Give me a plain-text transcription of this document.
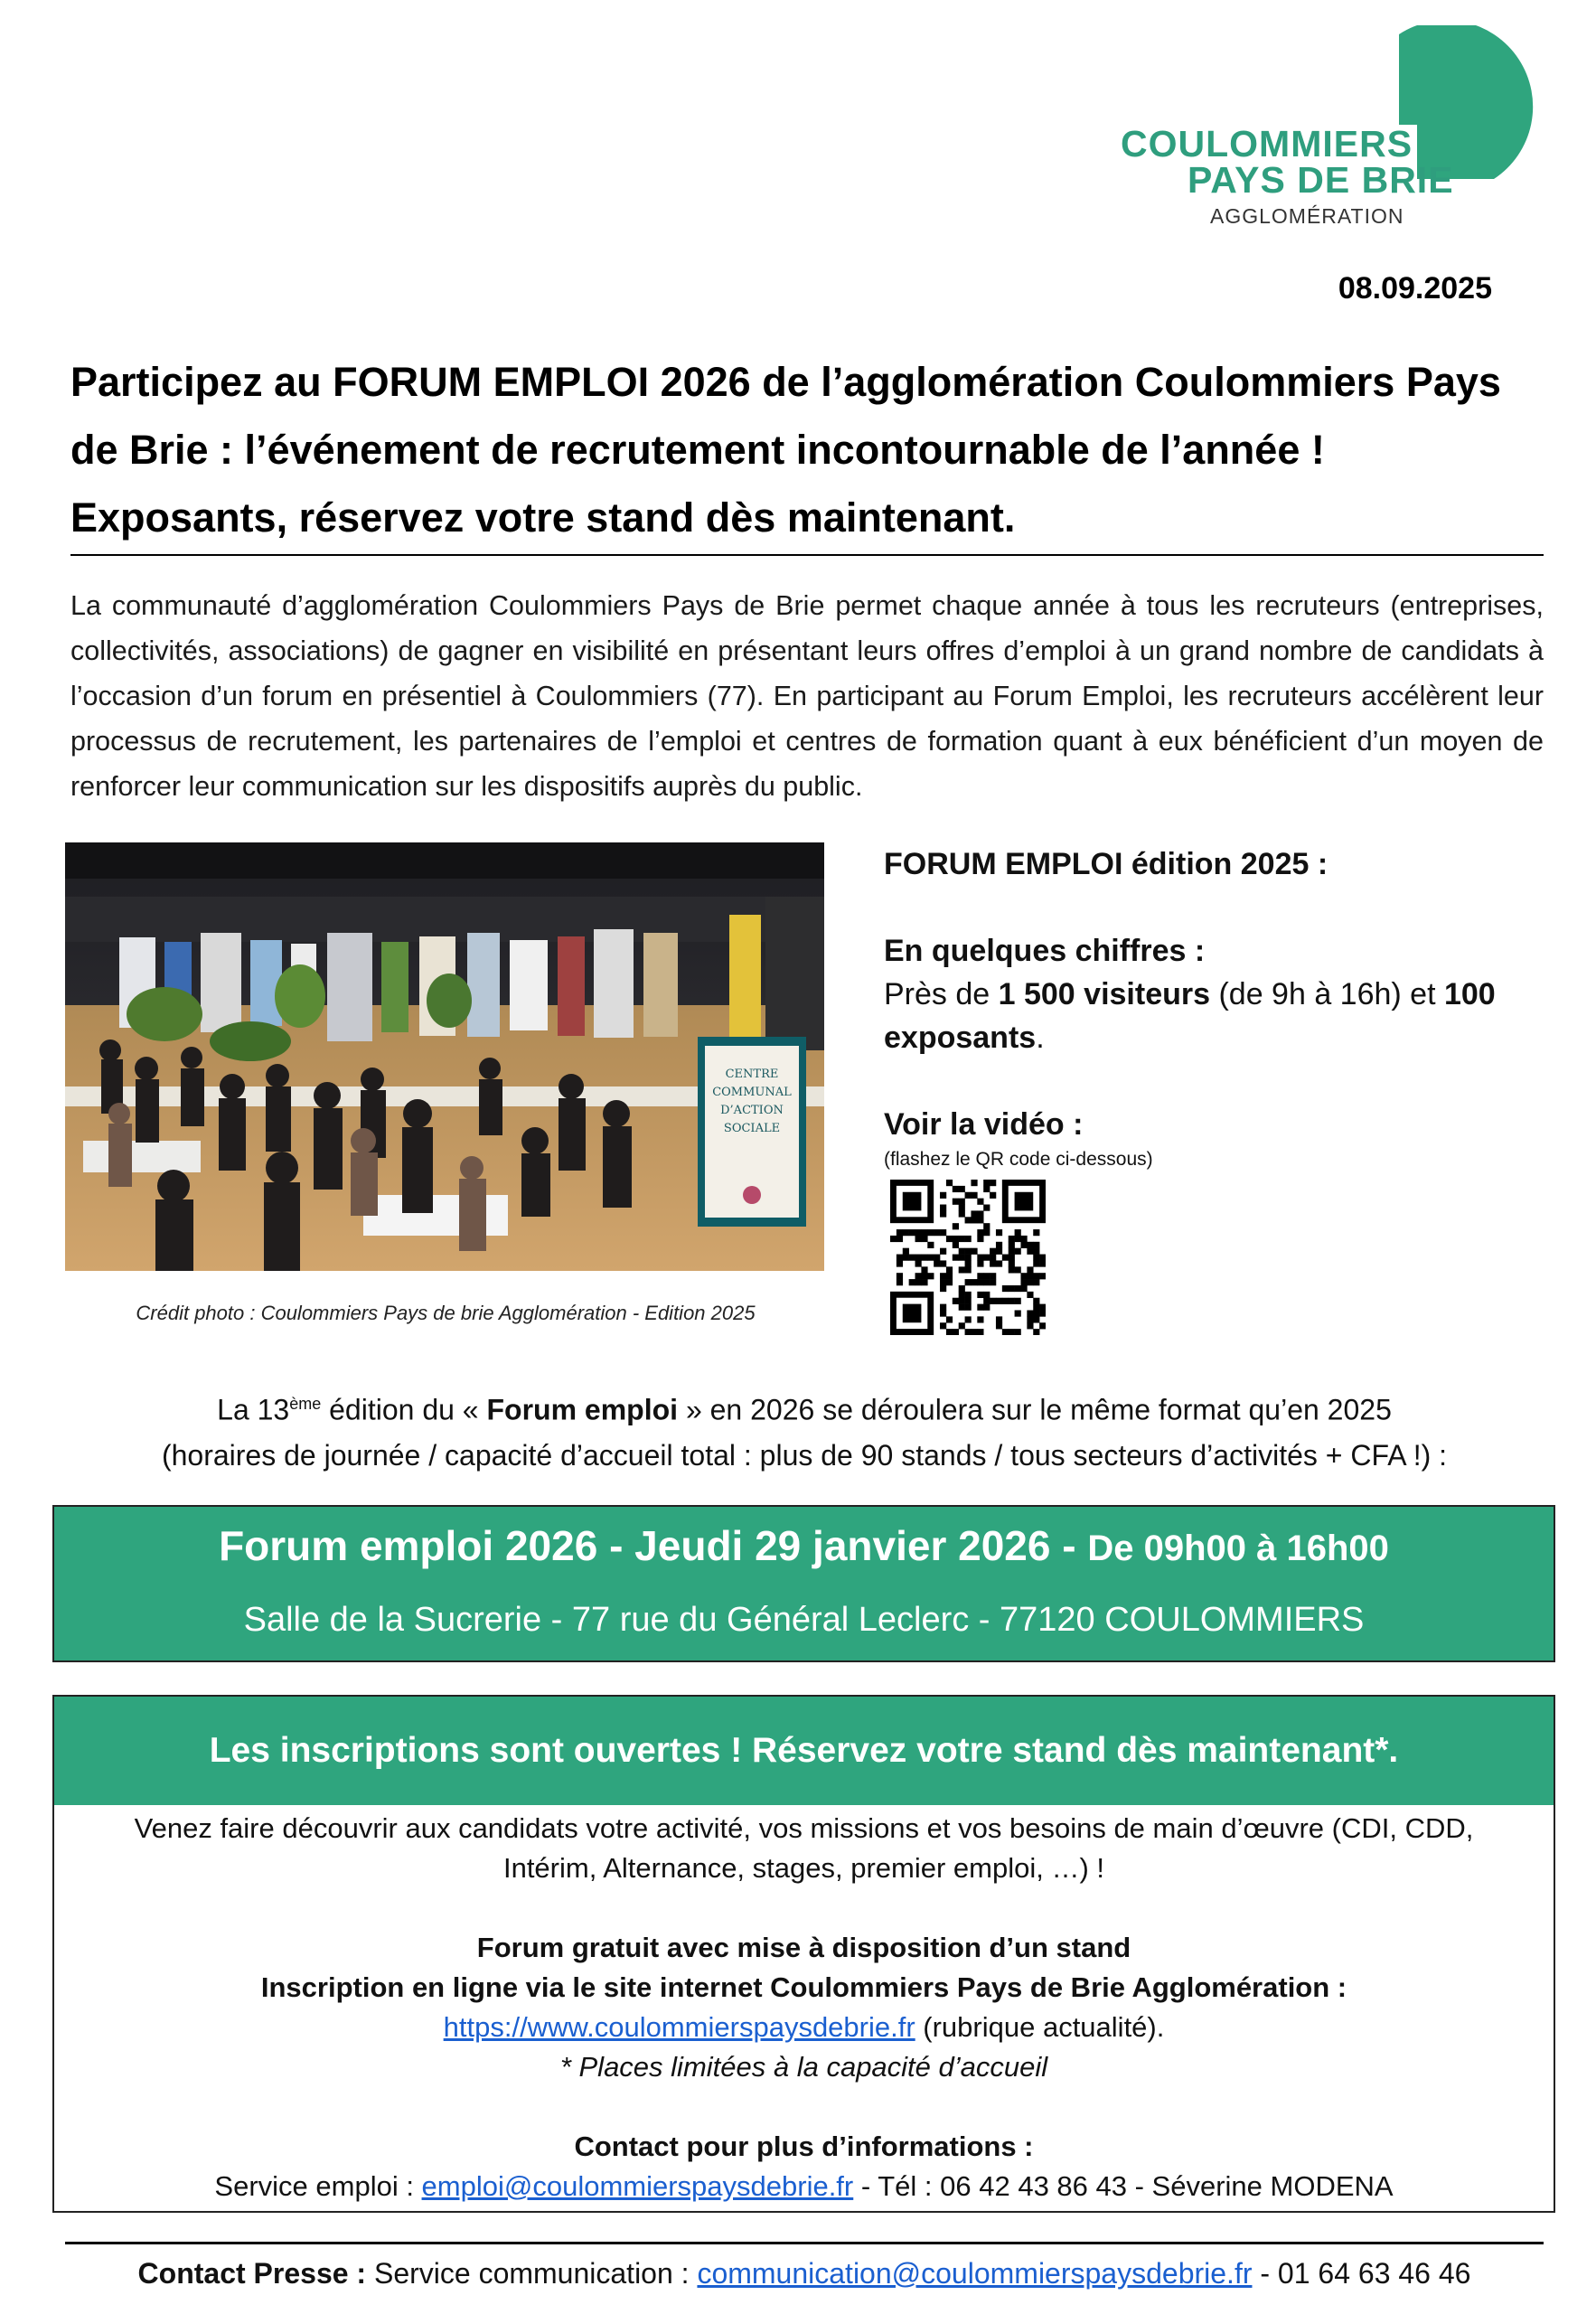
COULOMMIERS
PAYS DE BRIE
AGGLOMÉRATION
08.09.2025
Participez au FORUM EMPLOI 2026 de l’agglomération Coulommiers Pays
de Brie : l’événement de recrutement incontournable de l’année !
Exposants, réservez votre stand dès maintenant.
La communauté d’agglomération Coulommiers Pays de Brie permet chaque année à tous les recruteurs (entreprises, collectivités, associations) de gagner en visibilité en présentant leurs offres d’emploi à un grand nombre de candidats à l’occasion d’un forum en présentiel à Coulommiers (77). En participant au Forum Emploi, les recruteurs accélèrent leur processus de recrutement, les partenaires de l’emploi et centres de formation quant à eux bénéficient d’un moyen de renforcer leur communication sur les dispositifs auprès du public.
CENTRE
COMMUNAL
D’ACTION
SOCIALE
Crédit photo : Coulommiers Pays de brie Agglomération - Edition 2025
FORUM EMPLOI édition 2025 :
En quelques chiffres :
Près de 1 500 visiteurs (de 9h à 16h) et 100 exposants.
Voir la vidéo :
(flashez le QR code ci-dessous)
La 13ème édition du « Forum emploi » en 2026 se déroulera sur le même format qu’en 2025
(horaires de journée / capacité d’accueil total : plus de 90 stands / tous secteurs d’activités + CFA !) :
Forum emploi 2026 - Jeudi 29 janvier 2026 - De 09h00 à 16h00
Salle de la Sucrerie - 77 rue du Général Leclerc - 77120 COULOMMIERS
Les inscriptions sont ouvertes ! Réservez votre stand dès maintenant*.
Venez faire découvrir aux candidats votre activité, vos missions et vos besoins de main d’œuvre (CDI, CDD,
Intérim, Alternance, stages, premier emploi, …) !
Forum gratuit avec mise à disposition d’un stand
Inscription en ligne via le site internet Coulommiers Pays de Brie Agglomération :
https://www.coulommierspaysdebrie.fr (rubrique actualité).
* Places limitées à la capacité d’accueil
Contact pour plus d’informations :
Service emploi : emploi@coulommierspaysdebrie.fr - Tél : 06 42 43 86 43 - Séverine MODENA
Contact Presse : Service communication : communication@coulommierspaysdebrie.fr - 01 64 63 46 46
